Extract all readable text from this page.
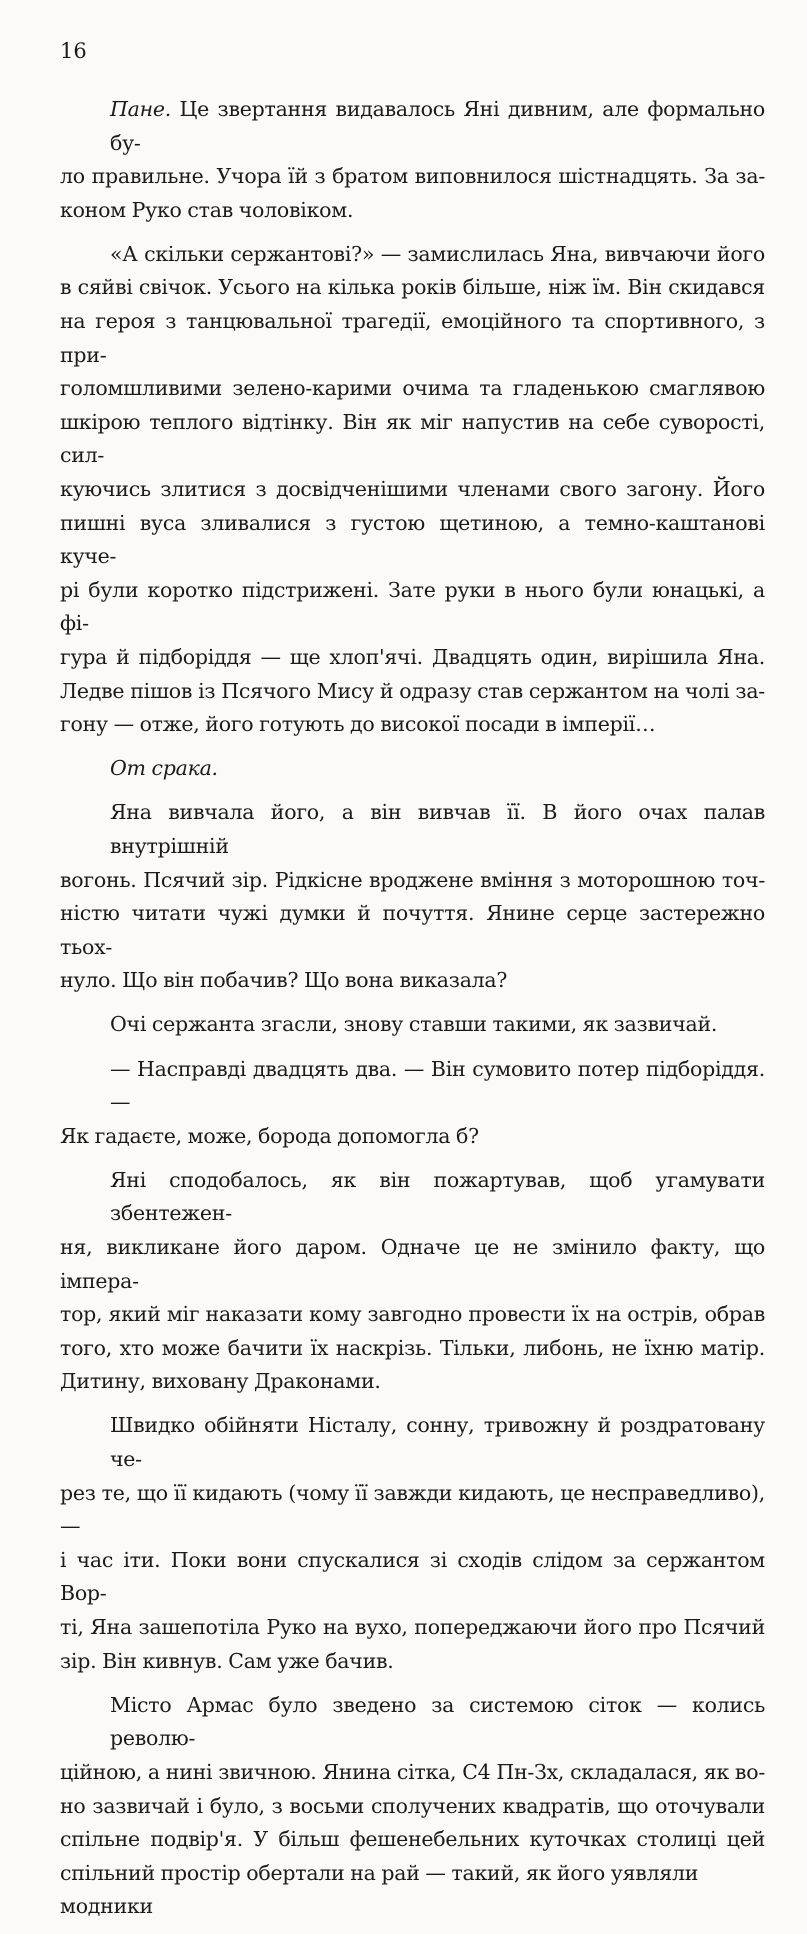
16

Пане. Це звертання видавалось Яні дивним, але формально бу-
ло правильне. Учора їй з братом виповнилося шістнадцять. За за-
коном Руко став чоловіком.

«А скільки сержантові?» — замислилась Яна, вивчаючи його
в сяйві свічок. Усього на кілька років більше, ніж їм. Він скидався
на героя з танцювальної трагедії, емоційного та спортивного, з при-
голомшливими зелено-карими очима та гладенькою смаглявою
шкірою теплого відтінку. Він як міг напустив на себе суворості, сил-
куючись злитися з досвідченішими членами свого загону. Його
пишні вуса зливалися з густою щетиною, а темно-каштанові куче-
рі були коротко підстрижені. Зате руки в нього були юнацькі, а фі-
гура й підборіддя — ще хлоп'ячі. Двадцять один, вирішила Яна.
Ледве пішов із Псячого Мису й одразу став сержантом на чолі за-
гону — отже, його готують до високої посади в імперії…

От срака.

Яна вивчала його, а він вивчав її. В його очах палав внутрішній
вогонь. Псячий зір. Рідкісне вроджене вміння з моторошною точ-
ністю читати чужі думки й почуття. Янине серце застережно тьох-
нуло. Що він побачив? Що вона виказала?

Очі сержанта згасли, знову ставши такими, як зазвичай.

— Насправді двадцять два. — Він сумовито потер підборіддя. —
Як гадаєте, може, борода допомогла б?

Яні сподобалось, як він пожартував, щоб угамувати збентежен-
ня, викликане його даром. Одначе це не змінило факту, що імпера-
тор, який міг наказати кому завгодно провести їх на острів, обрав
того, хто може бачити їх наскрізь. Тільки, либонь, не їхню матір.
Дитину, виховану Драконами.

Швидко обійняти Ністалу, сонну, тривожну й роздратовану че-
рез те, що її кидають (чому її завжди кидають, це несправедливо), —
і час іти. Поки вони спускалися зі сходів слідом за сержантом Вор-
ті, Яна зашепотіла Руко на вухо, попереджаючи його про Псячий
зір. Він кивнув. Сам уже бачив.

Місто Армас було зведено за системою сіток — колись револю-
ційною, а нині звичною. Янина сітка, С4 Пн-Зх, складалася, як во-
но зазвичай і було, з восьми сполучених квадратів, що оточували
спільне подвір'я. У більш фешенебельних куточках столиці цей
спільний простір обертали на рай — такий, як його уявляли модники
